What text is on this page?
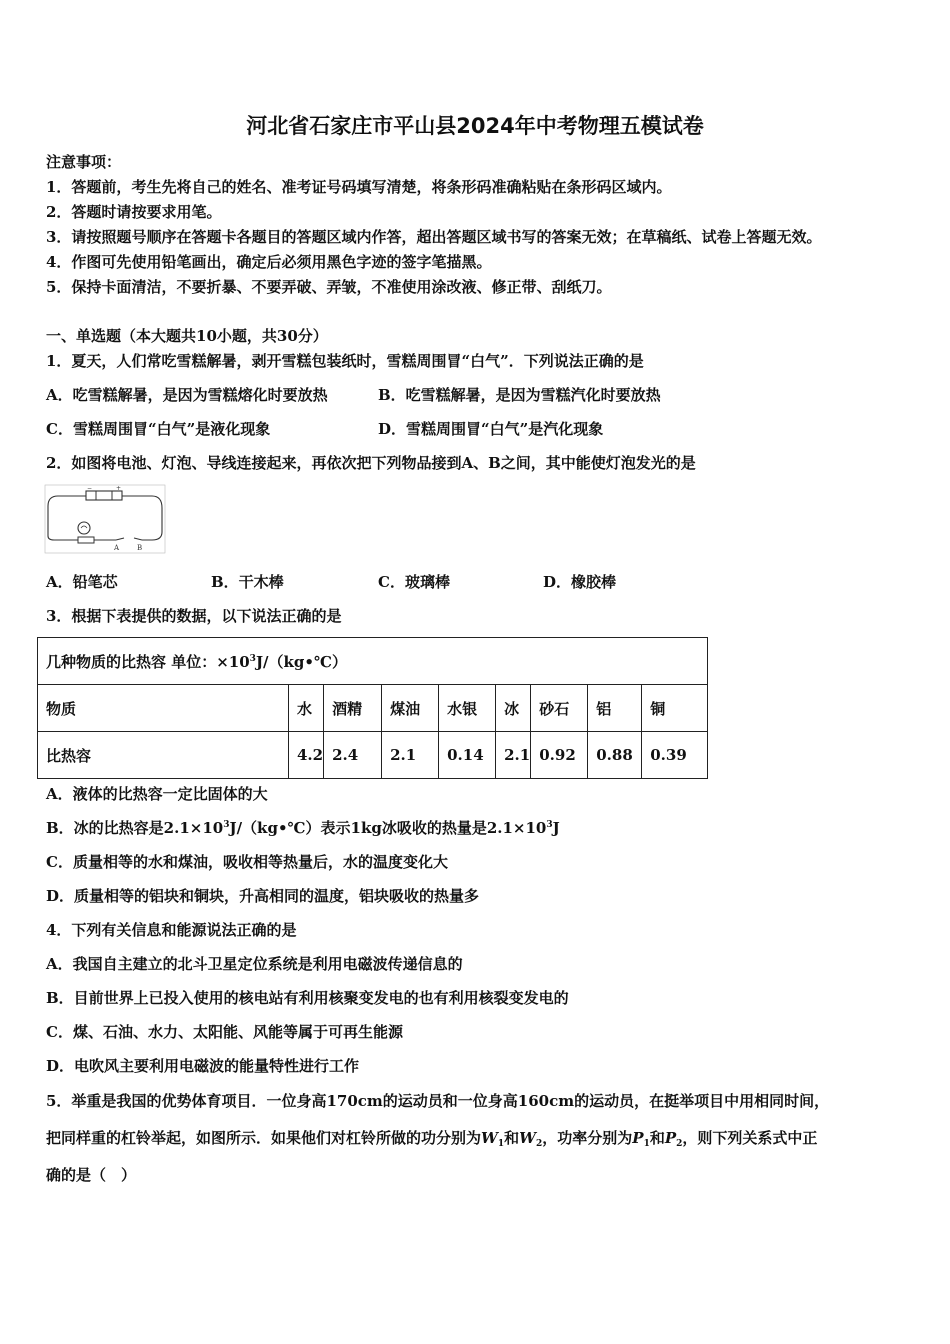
河北省石家庄市平山县2024年中考物理五模试卷
注意事项：
1．答题前，考生先将自己的姓名、准考证号码填写清楚，将条形码准确粘贴在条形码区域内。
2．答题时请按要求用笔。
3．请按照题号顺序在答题卡各题目的答题区域内作答，超出答题区域书写的答案无效；在草稿纸、试卷上答题无效。
4．作图可先使用铅笔画出，确定后必须用黑色字迹的签字笔描黑。
5．保持卡面清洁，不要折暴、不要弄破、弄皱，不准使用涂改液、修正带、刮纸刀。
一、单选题（本大题共10小题，共30分）
1．夏天，人们常吃雪糕解暑，剥开雪糕包装纸时，雪糕周围冒“白气”．下列说法正确的是
A．吃雪糕解暑，是因为雪糕熔化时要放热	B．吃雪糕解暑，是因为雪糕汽化时要放热
C．雪糕周围冒“白气”是液化现象	D．雪糕周围冒“白气”是汽化现象
2．如图将电池、灯泡、导线连接起来，再依次把下列物品接到A、B之间，其中能使灯泡发光的是
−	+
A	B
A．铅笔芯	B．干木棒	C．玻璃棒	D．橡胶棒
3．根据下表提供的数据，以下说法正确的是
几种物质的比热容 单位：$\times 10^3J/(kg•℃)$								
物质	水	酒精	煤油	水银	冰	砂石	铝	铜
比热容	4.2	2.4	2.1	0.14	2.1	0.92	0.88	0.39
A．液体的比热容一定比固体的大
B．冰的比热容是$2.1\times 10^3J/(kg•℃)$表示1kg冰吸收的热量是$2.1\times 10^3J$
C．质量相等的水和煤油，吸收相等热量后，水的温度变化大
D．质量相等的铝块和铜块，升高相同的温度，铝块吸收的热量多
4．下列有关信息和能源说法正确的是
A．我国自主建立的北斗卫星定位系统是利用电磁波传递信息的
B．目前世界上已投入使用的核电站有利用核聚变发电的也有利用核裂变发电的
C．煤、石油、水力、太阳能、风能等属于可再生能源
D．电吹风主要利用电磁波的能量特性进行工作
5．举重是我国的优势体育项目．一位身高170cm的运动员和一位身高160cm的运动员，在挺举项目中用相同时间，
把同样重的杠铃举起，如图所示．如果他们对杠铃所做的功分别为$W_1$和$W_2$，功率分别为$P_1$和$P_2$，则下列关系式中正
确的是（　）
